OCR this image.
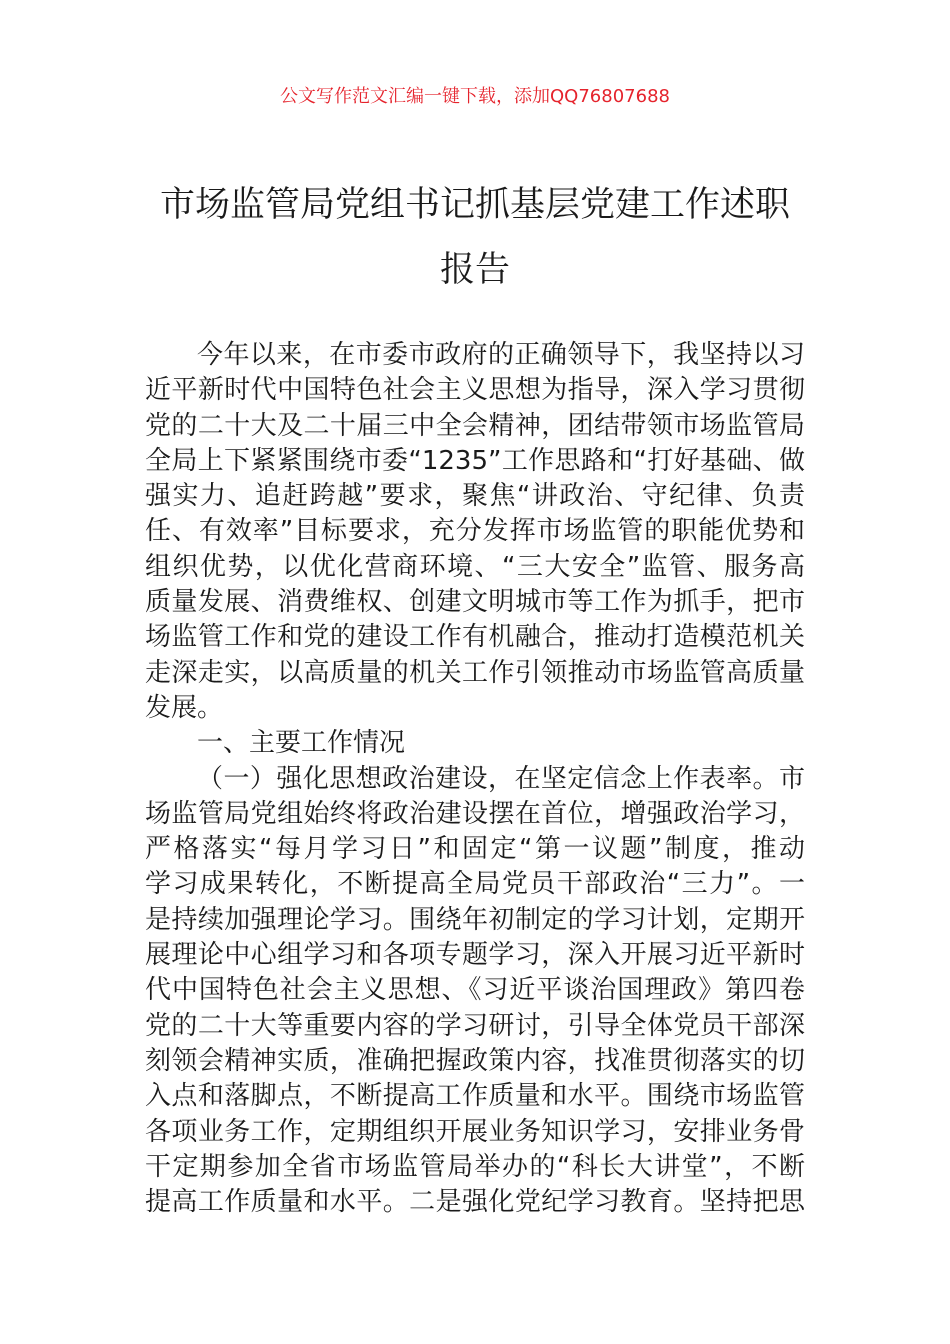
公文写作范文汇编一键下载，添加QQ76807688
市场监管局党组书记抓基层党建工作述职
报告
今年以来，在市委市政府的正确领导下，我坚持以习
近平新时代中国特色社会主义思想为指导，深入学习贯彻
党的二十大及二十届三中全会精神，团结带领市场监管局
全局上下紧紧围绕市委“1235”工作思路和“打好基础、做
强实力、追赶跨越”要求，聚焦“讲政治、守纪律、负责
任、有效率”目标要求，充分发挥市场监管的职能优势和
组织优势，以优化营商环境、“三大安全”监管、服务高
质量发展、消费维权、创建文明城市等工作为抓手，把市
场监管工作和党的建设工作有机融合，推动打造模范机关
走深走实，以高质量的机关工作引领推动市场监管高质量
发展。
一、主要工作情况
（一）强化思想政治建设，在坚定信念上作表率。市
场监管局党组始终将政治建设摆在首位，增强政治学习，
严格落实“每月学习日”和固定“第一议题”制度，推动
学习成果转化，不断提高全局党员干部政治“三力”。一
是持续加强理论学习。围绕年初制定的学习计划，定期开
展理论中心组学习和各项专题学习，深入开展习近平新时
代中国特色社会主义思想、《习近平谈治国理政》第四卷
党的二十大等重要内容的学习研讨，引导全体党员干部深
刻领会精神实质，准确把握政策内容，找准贯彻落实的切
入点和落脚点，不断提高工作质量和水平。围绕市场监管
各项业务工作，定期组织开展业务知识学习，安排业务骨
干定期参加全省市场监管局举办的“科长大讲堂”，不断
提高工作质量和水平。二是强化党纪学习教育。坚持把思
